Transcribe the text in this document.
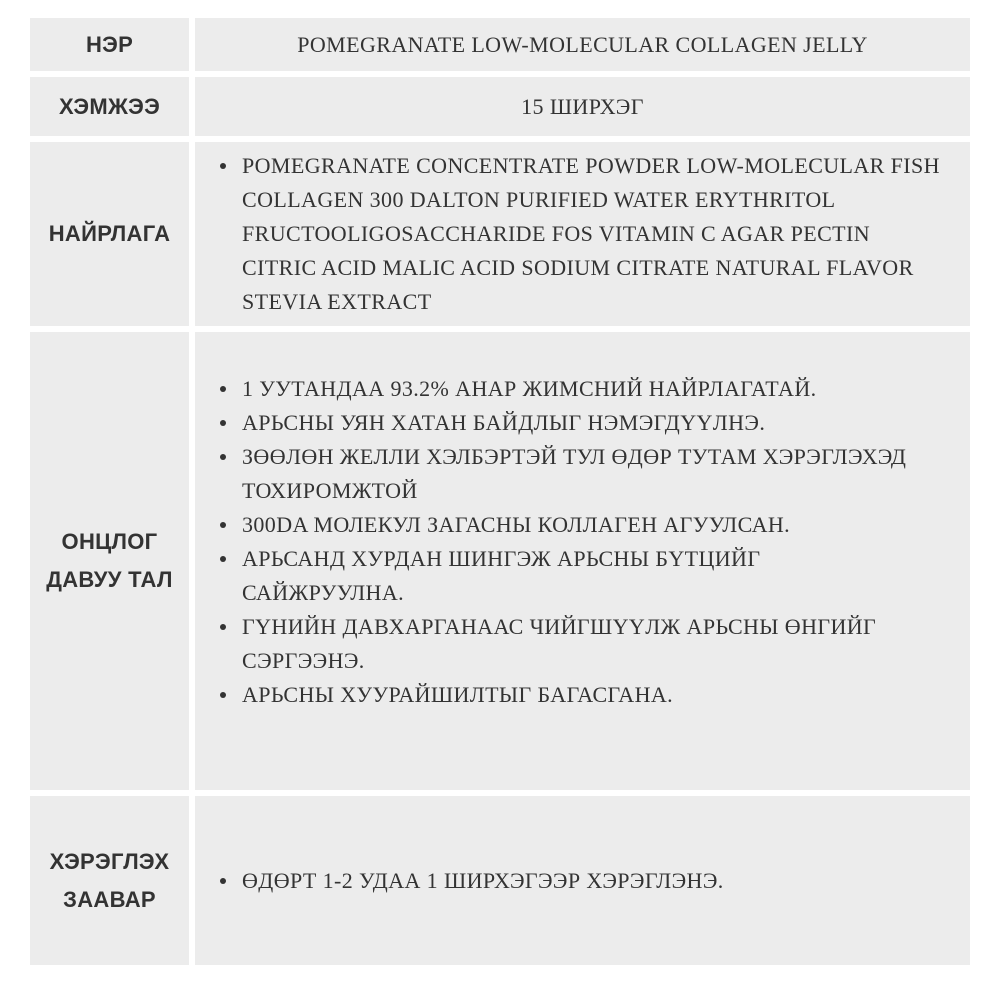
НЭР	POMEGRANATE LOW-MOLECULAR COLLAGEN JELLY
ХЭМЖЭЭ	15 ШИРХЭГ
НАЙРЛАГА
POMEGRANATE CONCENTRATE POWDER LOW-MOLECULAR FISH COLLAGEN 300 DALTON PURIFIED WATER ERYTHRITOL FRUCTOOLIGOSACCHARIDE FOS VITAMIN C AGAR PECTIN CITRIC ACID MALIC ACID SODIUM CITRATE NATURAL FLAVOR STEVIA EXTRACT
ОНЦЛОГ
ДАВУУ ТАЛ
1 УУТАНДАА 93.2% АНАР ЖИМСНИЙ НАЙРЛАГАТАЙ.
АРЬСНЫ УЯН ХАТАН БАЙДЛЫГ НЭМЭГДҮҮЛНЭ.
ЗӨӨЛӨН ЖЕЛЛИ ХЭЛБЭРТЭЙ ТУЛ ӨДӨР ТУТАМ ХЭРЭГЛЭХЭД ТОХИРОМЖТОЙ
300DA МОЛЕКУЛ ЗАГАСНЫ КОЛЛАГЕН АГУУЛСАН.
АРЬСАНД ХУРДАН ШИНГЭЖ АРЬСНЫ БҮТЦИЙГ САЙЖРУУЛНА.
ГҮНИЙН ДАВХАРГАНААС ЧИЙГШҮҮЛЖ АРЬСНЫ ӨНГИЙГ СЭРГЭЭНЭ.
АРЬСНЫ ХУУРАЙШИЛТЫГ БАГАСГАНА.
ХЭРЭГЛЭХ
ЗААВАР
ӨДӨРТ 1-2 УДАА 1 ШИРХЭГЭЭР ХЭРЭГЛЭНЭ.
